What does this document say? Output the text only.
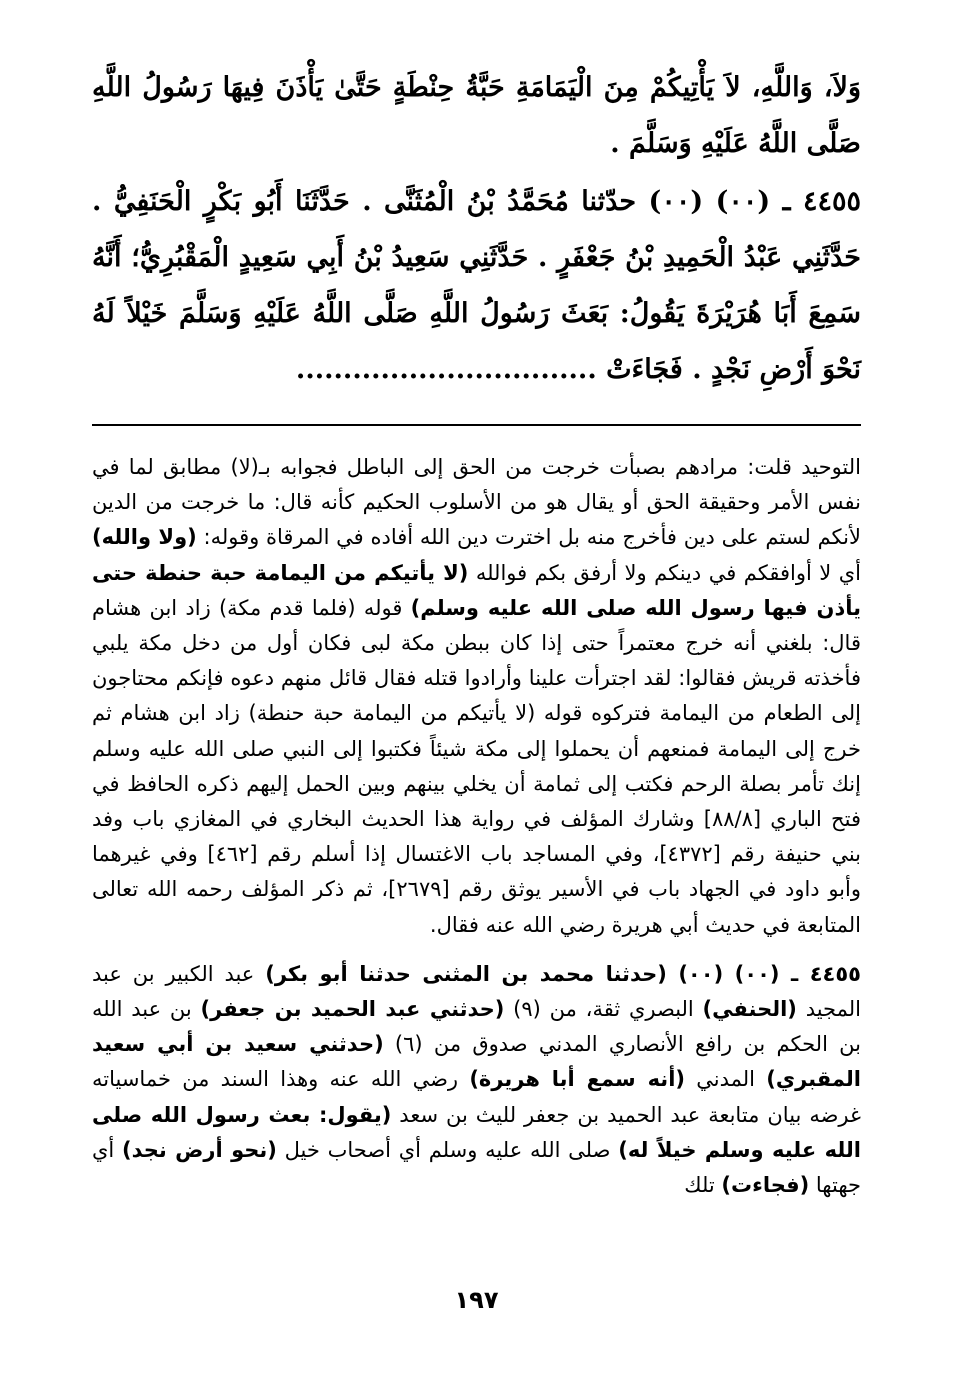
وَلاَ، وَاللَّهِ، لاَ يَأْتِيكُمْ مِنَ الْيَمَامَةِ حَبَّةُ حِنْطَةٍ حَتَّىٰ يَأْذَنَ فِيهَا رَسُولُ اللَّهِ صَلَّى اللَّهُ عَلَيْهِ وَسَلَّمَ .

٤٤٥٥ ـ (٠٠) (٠٠) حدّثنا مُحَمَّدُ بْنُ الْمُثَنَّى . حَدَّثَنَا أَبُو بَكْرٍ الْحَنَفِيُّ . حَدَّثَنِي عَبْدُ الْحَمِيدِ بْنُ جَعْفَرٍ . حَدَّثَنِي سَعِيدُ بْنُ أَبِي سَعِيدٍ الْمَقْبُرِيُّ؛ أَنَّهُ سَمِعَ أَبَا هُرَيْرَةَ يَقُولُ: بَعَثَ رَسُولُ اللَّهِ صَلَّى اللَّهُ عَلَيْهِ وَسَلَّمَ خَيْلاً لَهُ نَحْوَ أَرْضِ نَجْدٍ . فَجَاءَتْ ................................

التوحيد قلت: مرادهم بصبأت خرجت من الحق إلى الباطل فجوابه بـ(لا) مطابق لما في نفس الأمر وحقيقة الحق أو يقال هو من الأسلوب الحكيم كأنه قال: ما خرجت من الدين لأنكم لستم على دين فأخرج منه بل اخترت دين الله أفاده في المرقاة وقوله: (ولا والله) أي لا أوافقكم في دينكم ولا أرفق بكم فوالله (لا يأتيكم من اليمامة حبة حنطة حتى يأذن فيها رسول الله صلى الله عليه وسلم) قوله (فلما قدم مكة) زاد ابن هشام قال: بلغني أنه خرج معتمراً حتى إذا كان ببطن مكة لبى فكان أول من دخل مكة يلبي فأخذته قريش فقالوا: لقد اجترأت علينا وأرادوا قتله فقال قائل منهم دعوه فإنكم محتاجون إلى الطعام من اليمامة فتركوه قوله (لا يأتيكم من اليمامة حبة حنطة) زاد ابن هشام ثم خرج إلى اليمامة فمنعهم أن يحملوا إلى مكة شيئاً فكتبوا إلى النبي صلى الله عليه وسلم إنك تأمر بصلة الرحم فكتب إلى ثمامة أن يخلي بينهم وبين الحمل إليهم ذكره الحافظ في فتح الباري [٨٨/٨] وشارك المؤلف في رواية هذا الحديث البخاري في المغازي باب وفد بني حنيفة رقم [٤٣٧٢]، وفي المساجد باب الاغتسال إذا أسلم رقم [٤٦٢] وفي غيرهما وأبو داود في الجهاد باب في الأسير يوثق رقم [٢٦٧٩]، ثم ذكر المؤلف رحمه الله تعالى المتابعة في حديث أبي هريرة رضي الله عنه فقال.

٤٤٥٥ ـ (٠٠) (٠٠) (حدثنا محمد بن المثنى حدثنا أبو بكر) عبد الكبير بن عبد المجيد (الحنفي) البصري ثقة، من (٩) (حدثني عبد الحميد بن جعفر) بن عبد الله بن الحكم بن رافع الأنصاري المدني صدوق من (٦) (حدثني سعيد بن أبي سعيد المقبري) المدني (أنه سمع أبا هريرة) رضي الله عنه وهذا السند من خماسياته غرضه بيان متابعة عبد الحميد بن جعفر لليث بن سعد (يقول: بعث رسول الله صلى الله عليه وسلم خيلاً له) صلى الله عليه وسلم أي أصحاب خيل (نحو أرض نجد) أي جهتها (فجاءت) تلك

١٩٧
